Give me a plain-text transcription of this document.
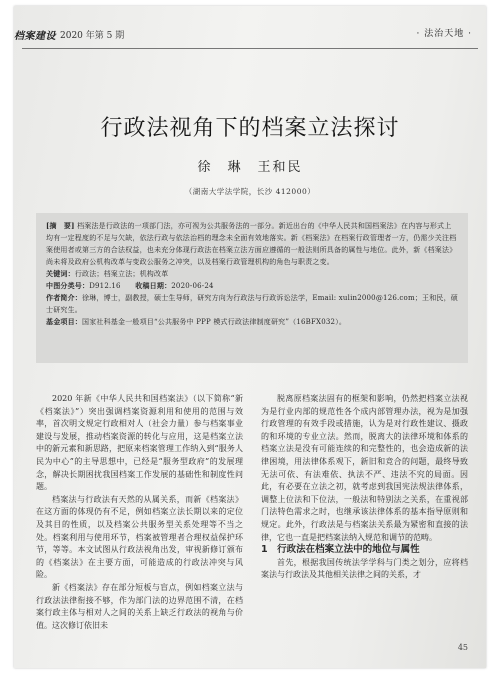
档案建设 2020 年第 5 期	· 法治天地 ·
行政法视角下的档案立法探讨
徐　琳　王和民
（湖南大学法学院，长沙 412000）

[摘　要] 档案法是行政法的一项部门法，亦可视为公共服务法的一部分。新近出台的《中华人民共和国档案法》在内容与形式上均有一定程度的不足与欠缺，依法行政与依法治档的理念未全面有效地落实。新《档案法》在档案行政管理者一方，仍需少关注档案使用者或第三方的合法权益，也未充分体现行政法在档案立法方面应遵循的一般法则所具备的属性与地位。此外，新《档案法》尚未将及政府公机构改革与变政公服务之冲突，以及档案行政管理机构的角色与职责之变。

关键词：行政法；档案立法；机构改革

中图分类号：D912.16 收稿日期：2020-06-24

作者简介：徐琳，博士，副教授，硕士生导师，研究方向为行政法与行政诉讼法学，Email: xulin2000@126.com；王和民，硕士研究生。

基金项目：国家社科基金一般项目“公共服务中 PPP 模式行政法律制度研究”（16BFX032）。

2020 年新《中华人民共和国档案法》（以下简称“新《档案法》”）突出强调档案资源利用和使用的范围与效率，首次明文规定行政相对人（社会力量）参与档案事业建设与发展，推动档案资源的转化与应用，这是档案立法中的新元素和新思路，把原来档案管理工作纳入到“服务人民为中心”的主导思想中，已经是“服务型政府”的发展理念，解决长期困扰我国档案工作发展的基础性和制度性问题。

档案法与行政法有天然的从属关系，而新《档案法》在这方面的体现仍有不足，例如档案立法长期以来的定位及其目的性质，以及档案公共服务型关系处理等不当之处。档案利用与使用环节，档案被管理者合理权益保护环节，等等。本文试图从行政法视角出发，审视新修订颁布的《档案法》在主要方面，可能造成的行政法冲突与风险。

新《档案法》存在部分短板与盲点，例如档案立法与行政法法律衔接不够，作为部门法的边界范围不清，在档案行政主体与相对人之间的关系上缺乏行政法的视角与价值。这次修订依旧未

脱离原档案法固有的框架和影响，仍然把档案立法视为是行业内部的规范性各个成内部管理办法，视为是加强行政管理的有效手段或措施，认为是对行政性建议、摄政的和环境的专业立法。然而，脱离大的法律环境和体系的档案立法是没有可能连续的和完整性的，也会造成新的法律困境，用法律体系观下，新旧和竞合的问题，最终导致无法可依、有法难依、执法不严、违法不究的局面。因此，有必要在立法之初，就考虑到我国宪法规法律体系，调整上位法和下位法，一般法和特别法之关系，在重视部门法特色需求之时，也继承该法律体系的基本指导原则和规定。此外，行政法是与档案法关系最为紧密和直接的法律，它也一直是把档案法纳入规范和调节的范畴。

1　行政法在档案立法中的地位与属性

首先，根据我国传统法学学科与门类之划分，应将档案法与行政法及其他相关法律之间的关系，才

45
